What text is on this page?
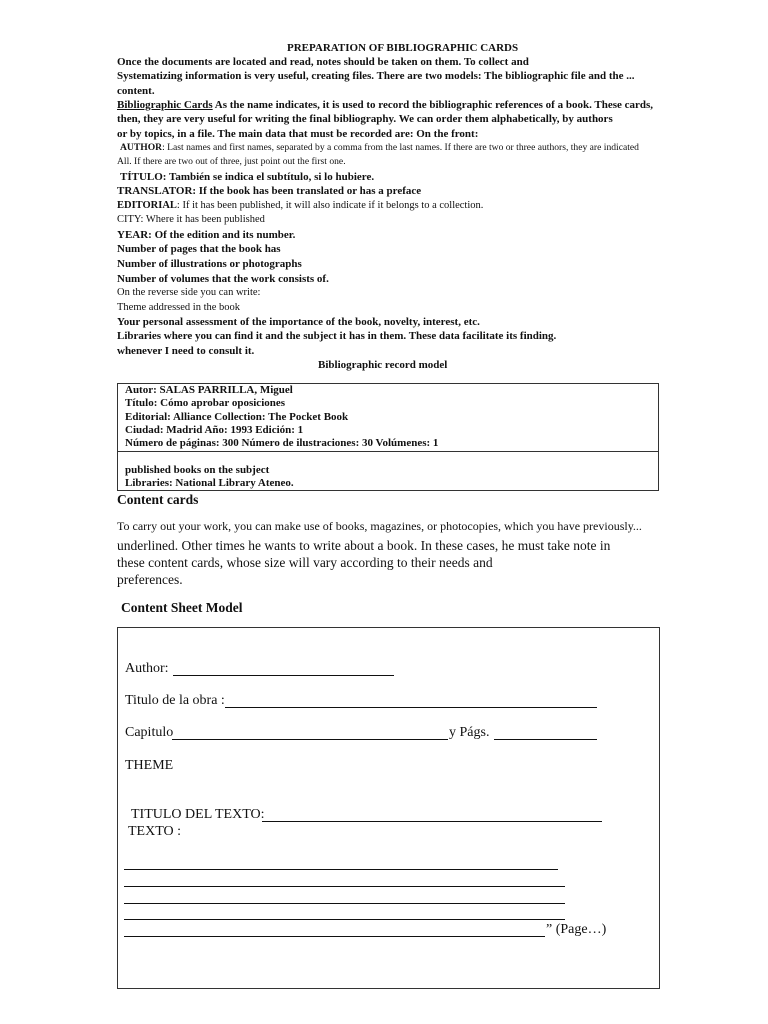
PREPARATION OF BIBLIOGRAPHIC CARDS
Once the documents are located and read, notes should be taken on them. To collect and
Systematizing information is very useful, creating files. There are two models: The bibliographic file and the ...
content.
Bibliographic Cards As the name indicates, it is used to record the bibliographic references of a book. These cards,
then, they are very useful for writing the final bibliography. We can order them alphabetically, by authors
or by topics, in a file. The main data that must be recorded are: On the front:
AUTHOR: Last names and first names, separated by a comma from the last names. If there are two or three authors, they are indicated
All. If there are two out of three, just point out the first one.
TÍTULO: También se indica el subtítulo, si lo hubiere.
TRANSLATOR: If the book has been translated or has a preface
EDITORIAL: If it has been published, it will also indicate if it belongs to a collection.
CITY: Where it has been published
YEAR: Of the edition and its number.
Number of pages that the book has
Number of illustrations or photographs
Number of volumes that the work consists of.
On the reverse side you can write:
Theme addressed in the book
Your personal assessment of the importance of the book, novelty, interest, etc.
Libraries where you can find it and the subject it has in them. These data facilitate its finding.
whenever I need to consult it.
Bibliographic record model
Autor: SALAS PARRILLA, Miguel
Título: Cómo aprobar oposiciones
Editorial: Alliance Collection: The Pocket Book
Ciudad: Madrid Año: 1993 Edición: 1
Número de páginas: 300 Número de ilustraciones: 30 Volúmenes: 1
published books on the subject
Libraries: National Library Ateneo.
Content cards
To carry out your work, you can make use of books, magazines, or photocopies, which you have previously...
underlined. Other times he wants to write about a book. In these cases, he must take note in
these content cards, whose size will vary according to their needs and
preferences.
Content Sheet Model
Author:
Titulo de la obra :
Capitulo	y Págs.
THEME
TITULO DEL TEXTO:
TEXTO :
” (Page…)
